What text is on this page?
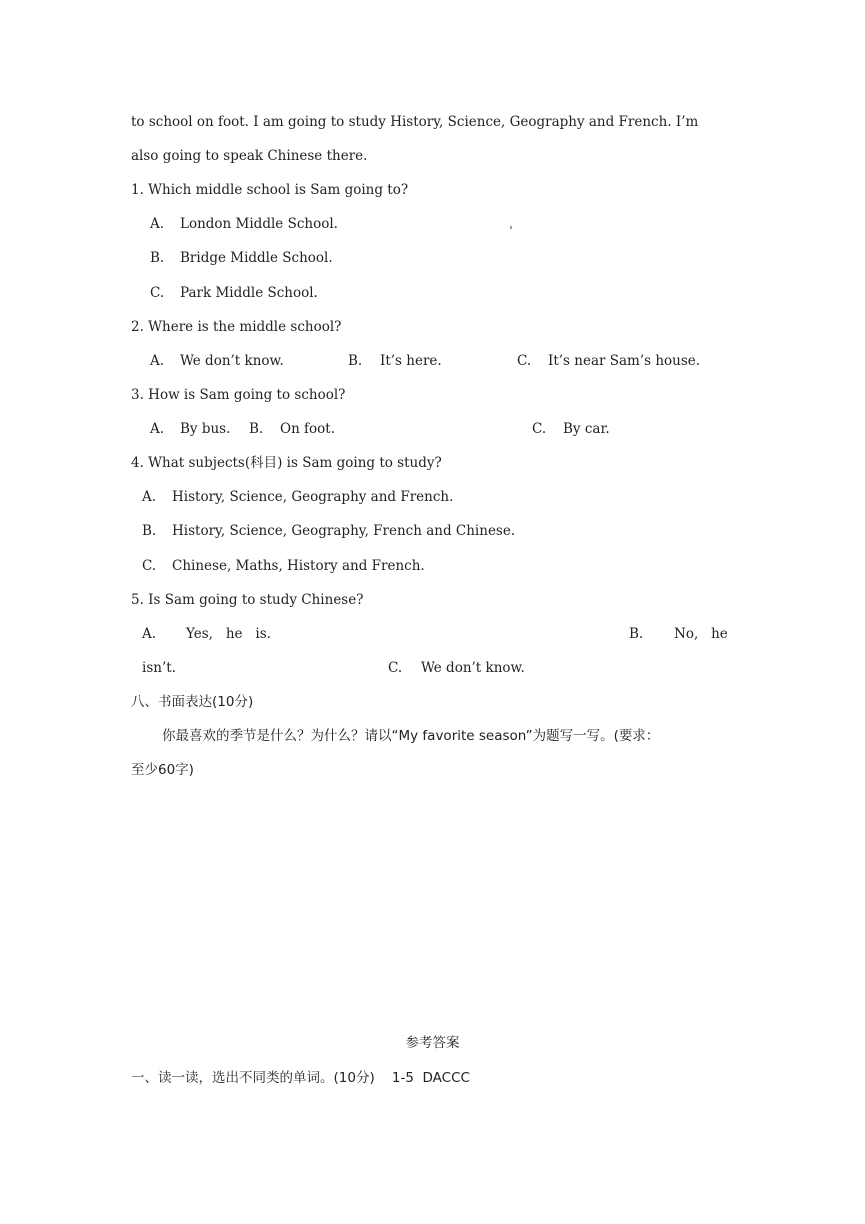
to school on foot. I am going to study History, Science, Geography and French. I’m
also going to speak Chinese there.
1. Which middle school is Sam going to?
A. London Middle School.
B. Bridge Middle School.
C. Park Middle School.
2. Where is the middle school?
A. We don’t know.	B. It’s here.	C. It’s near Sam’s house.
3. How is Sam going to school?
A. By bus. B. On foot.	C. By car.
4. What subjects(科目) is Sam going to study?
A. History, Science, Geography and French.
B. History, Science, Geography, French and Chinese.
C. Chinese, Maths, History and French.
5. Is Sam going to study Chinese?
A. Yes,   he   is.	B. No,   he
isn’t.	C. We don’t know.
八、书面表达(10分)
你最喜欢的季节是什么？为什么？请以“My favorite season”为题写一写。(要求：
至少60字)
参考答案
一、读一读，选出不同类的单词。(10分)    1-5  DACCC
